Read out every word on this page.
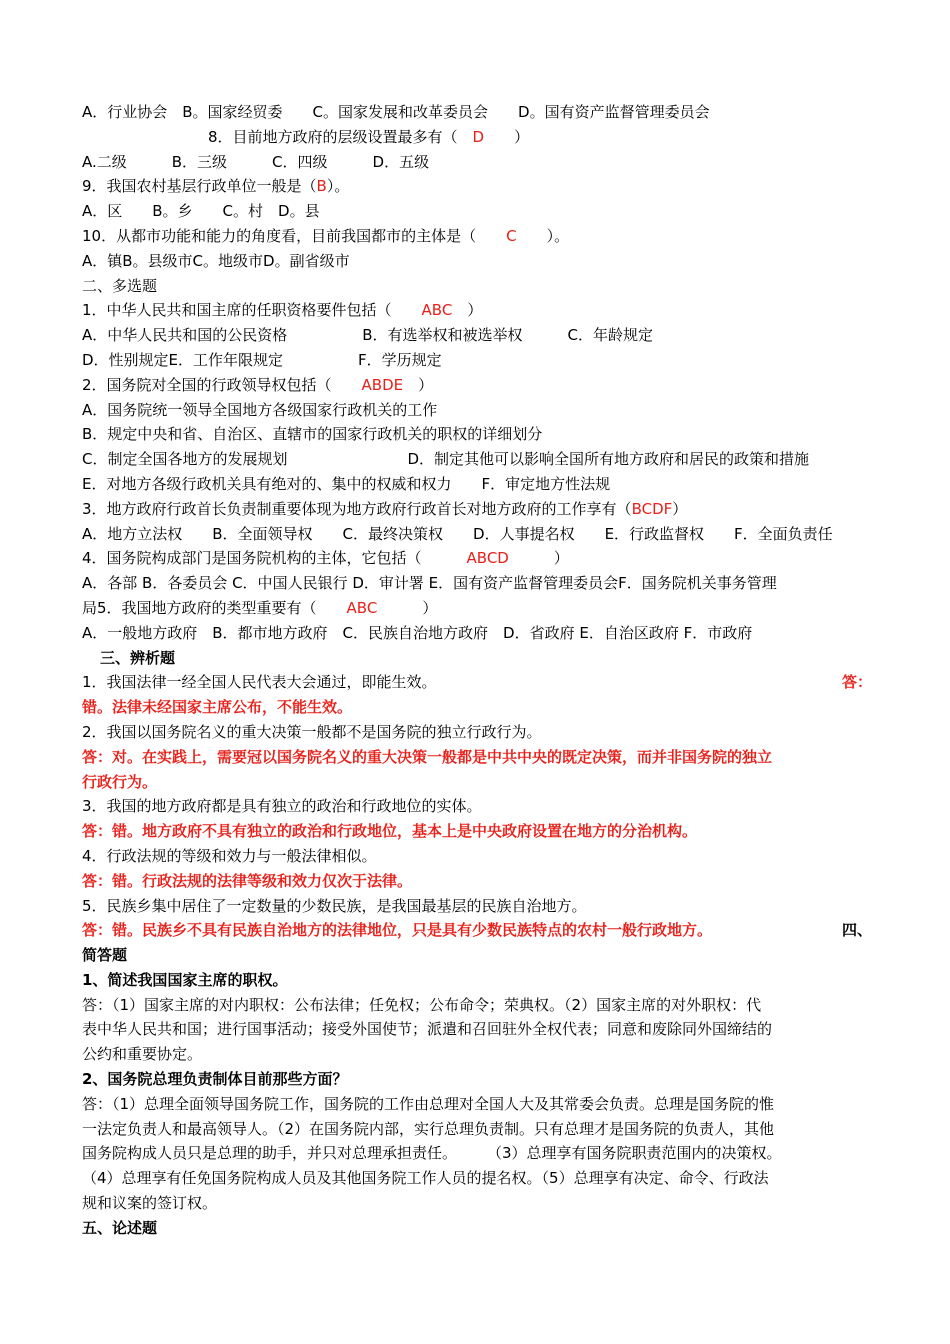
A．行业协会　B。国家经贸委　　C。国家发展和改革委员会　　D。国有资产监督管理委员会
8．目前地方政府的层级设置最多有（　D　　）
A.二级　　　B．三级　　　C．四级　　　D．五级
9．我国农村基层行政单位一般是（B）。
A．区　　B。乡　　C。村　D。县
10．从都市功能和能力的角度看，目前我国都市的主体是（　　C　　）。
A．镇B。县级市C。地级市D。副省级市
二、多选题
1．中华人民共和国主席的任职资格要件包括（　　ABC　）
A．中华人民共和国的公民资格　　　　　B．有选举权和被选举权　　　C．年龄规定
D．性别规定E．工作年限规定　　　　　F．学历规定
2．国务院对全国的行政领导权包括（　　ABDE　）
A．国务院统一领导全国地方各级国家行政机关的工作
B．规定中央和省、自治区、直辖市的国家行政机关的职权的详细划分
C．制定全国各地方的发展规划　　　　　　　　D．制定其他可以影响全国所有地方政府和居民的政策和措施
E．对地方各级行政机关具有绝对的、集中的权威和权力　　F．审定地方性法规
3．地方政府行政首长负责制重要体现为地方政府行政首长对地方政府的工作享有（BCDF）
A．地方立法权　　B．全面领导权　　C．最终决策权　　D．人事提名权　　E．行政监督权　　F．全面负责任
4．国务院构成部门是国务院机构的主体，它包括（　　　ABCD　　　）
A．各部 B．各委员会 C．中国人民银行 D．审计署 E．国有资产监督管理委员会F．国务院机关事务管理
局5．我国地方政府的类型重要有（　　ABC　　　）
A．一般地方政府　B．都市地方政府　C．民族自治地方政府　D．省政府 E．自治区政府 F．市政府
三、辨析题
1．我国法律一经全国人民代表大会通过，即能生效。	答：
错。法律未经国家主席公布，不能生效。
2．我国以国务院名义的重大决策一般都不是国务院的独立行政行为。
答：对。在实践上，需要冠以国务院名义的重大决策一般都是中共中央的既定决策，而并非国务院的独立
行政行为。
3．我国的地方政府都是具有独立的政治和行政地位的实体。
答：错。地方政府不具有独立的政治和行政地位，基本上是中央政府设置在地方的分治机构。
4．行政法规的等级和效力与一般法律相似。
答：错。行政法规的法律等级和效力仅次于法律。
5．民族乡集中居住了一定数量的少数民族，是我国最基层的民族自治地方。
答：错。民族乡不具有民族自治地方的法律地位，只是具有少数民族特点的农村一般行政地方。	四、
简答题
1、简述我国国家主席的职权。
答：（1）国家主席的对内职权：公布法律；任免权；公布命令；荣典权。（2）国家主席的对外职权：代
表中华人民共和国；进行国事活动；接受外国使节；派遣和召回驻外全权代表；同意和废除同外国缔结的
公约和重要协定。
2、国务院总理负责制体目前那些方面？
答：（1）总理全面领导国务院工作，国务院的工作由总理对全国人大及其常委会负责。总理是国务院的惟
一法定负责人和最高领导人。（2）在国务院内部，实行总理负责制。只有总理才是国务院的负责人，其他
国务院构成人员只是总理的助手，并只对总理承担责任。　　　（3）总理享有国务院职责范围内的决策权。
（4）总理享有任免国务院构成人员及其他国务院工作人员的提名权。（5）总理享有决定、命令、行政法
规和议案的签订权。
五、论述题
